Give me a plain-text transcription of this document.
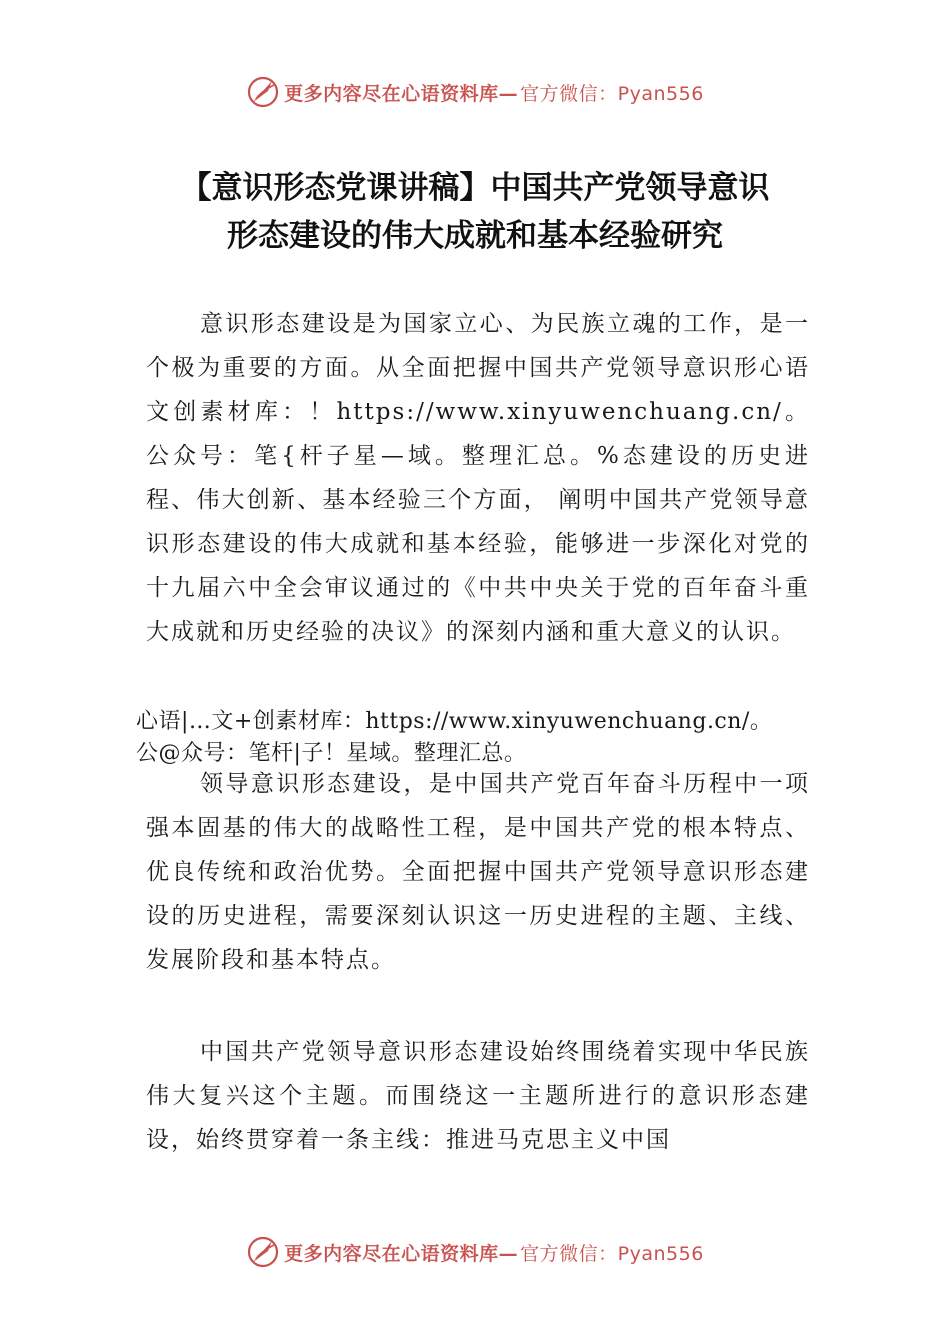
更多内容尽在心语资料库— 官方微信：Pyan556
【意识形态党课讲稿】中国共产党领导意识
形态建设的伟大成就和基本经验研究

意识形态建设是为国家立心、为民族立魂的工作，是一个极为重要的方面。从全面把握中国共产党领导意识形心语文创素材库：！https://www.xinyuwenchuang.cn/。公众号：笔{杆子星—域。整理汇总。%态建设的历史进程、伟大创新、基本经验三个方面， 阐明中国共产党领导意识形态建设的伟大成就和基本经验，能够进一步深化对党的十九届六中全会审议通过的《中共中央关于党的百年奋斗重大成就和历史经验的决议》的深刻内涵和重大意义的认识。

心语|…文+创素材库：https://www.xinyuwenchuang.cn/。
公@众号：笔杆|子！星域。整理汇总。

领导意识形态建设，是中国共产党百年奋斗历程中一项强本固基的伟大的战略性工程，是中国共产党的根本特点、优良传统和政治优势。全面把握中国共产党领导意识形态建设的历史进程，需要深刻认识这一历史进程的主题、主线、发展阶段和基本特点。

中国共产党领导意识形态建设始终围绕着实现中华民族伟大复兴这个主题。而围绕这一主题所进行的意识形态建设，始终贯穿着一条主线：推进马克思主义中国

更多内容尽在心语资料库— 官方微信：Pyan556
